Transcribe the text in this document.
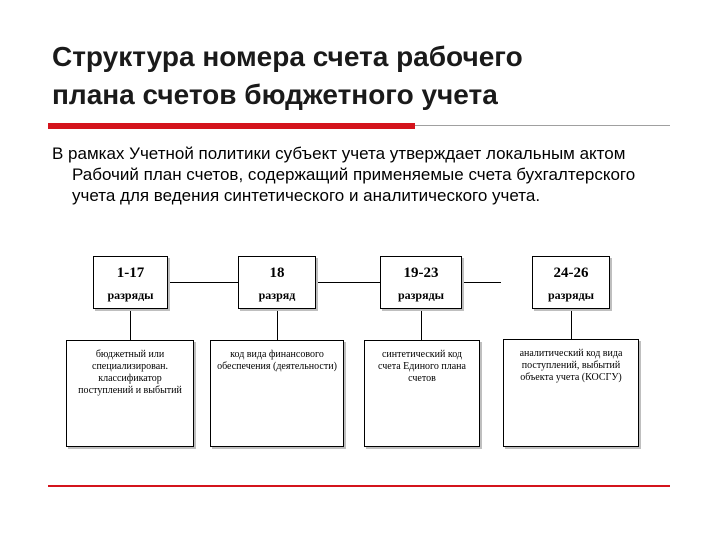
Структура номера счета рабочего
плана счетов бюджетного учета

В рамках Учетной политики субъект учета утверждает локальным актом Рабочий план счетов, содержащий применяемые счета бухгалтерского учета для ведения синтетического и аналитического учета.

1-17
разряды
18
разряд
19-23
разряды
24-26
разряды
бюджетный или специализирован. классификатор поступлений и выбытий
код вида финансового обеспечения (деятельности)
синтетический код счета Единого плана счетов
аналитический код вида поступлений, выбытий объекта учета (КОСГУ)
